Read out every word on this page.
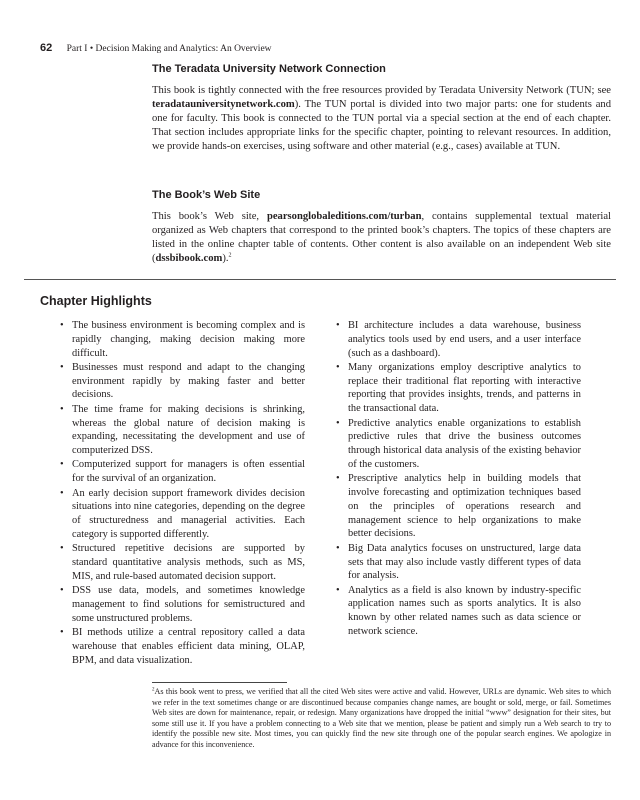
62 Part I • Decision Making and Analytics: An Overview
The Teradata University Network Connection

This book is tightly connected with the free resources provided by Teradata University Network (TUN; see teradatauniversitynetwork.com). The TUN portal is divided into two major parts: one for students and one for faculty. This book is connected to the TUN portal via a special section at the end of each chapter. That section includes appropriate links for the specific chapter, pointing to relevant resources. In addition, we provide hands-on exercises, using software and other material (e.g., cases) available at TUN.

The Book’s Web Site

This book’s Web site, pearsonglobaleditions.com/turban, contains supplemental textual material organized as Web chapters that correspond to the printed book’s chapters. The topics of these chapters are listed in the online chapter table of contents. Other content is also available on an independent Web site (dssbibook.com).$^2$

Chapter Highlights
• The business environment is becoming complex and is rapidly changing, making decision making more difficult.
• Businesses must respond and adapt to the changing environment rapidly by making faster and better decisions.
• The time frame for making decisions is shrinking, whereas the global nature of decision making is expanding, necessitating the development and use of computerized DSS.
• Computerized support for managers is often essential for the survival of an organization.
• An early decision support framework divides decision situations into nine categories, depending on the degree of structuredness and managerial activities. Each category is supported differently.
• Structured repetitive decisions are supported by standard quantitative analysis methods, such as MS, MIS, and rule-based automated decision support.
• DSS use data, models, and sometimes knowledge management to find solutions for semistructured and some unstructured problems.
• BI methods utilize a central repository called a data warehouse that enables efficient data mining, OLAP, BPM, and data visualization.
• BI architecture includes a data warehouse, business analytics tools used by end users, and a user interface (such as a dashboard).
• Many organizations employ descriptive analytics to replace their traditional flat reporting with interactive reporting that provides insights, trends, and patterns in the transactional data.
• Predictive analytics enable organizations to establish predictive rules that drive the business outcomes through historical data analysis of the existing behavior of the customers.
• Prescriptive analytics help in building models that involve forecasting and optimization techniques based on the principles of operations research and management science to help organizations to make better decisions.
• Big Data analytics focuses on unstructured, large data sets that may also include vastly different types of data for analysis.
• Analytics as a field is also known by industry-specific application names such as sports analytics. It is also known by other related names such as data science or network science.

$^2$As this book went to press, we verified that all the cited Web sites were active and valid. However, URLs are dynamic. Web sites to which we refer in the text sometimes change or are discontinued because companies change names, are bought or sold, merge, or fail. Sometimes Web sites are down for maintenance, repair, or redesign. Many organizations have dropped the initial “www” designation for their sites, but some still use it. If you have a problem connecting to a Web site that we mention, please be patient and simply run a Web search to try to identify the possible new site. Most times, you can quickly find the new site through one of the popular search engines. We apologize in advance for this inconvenience.
